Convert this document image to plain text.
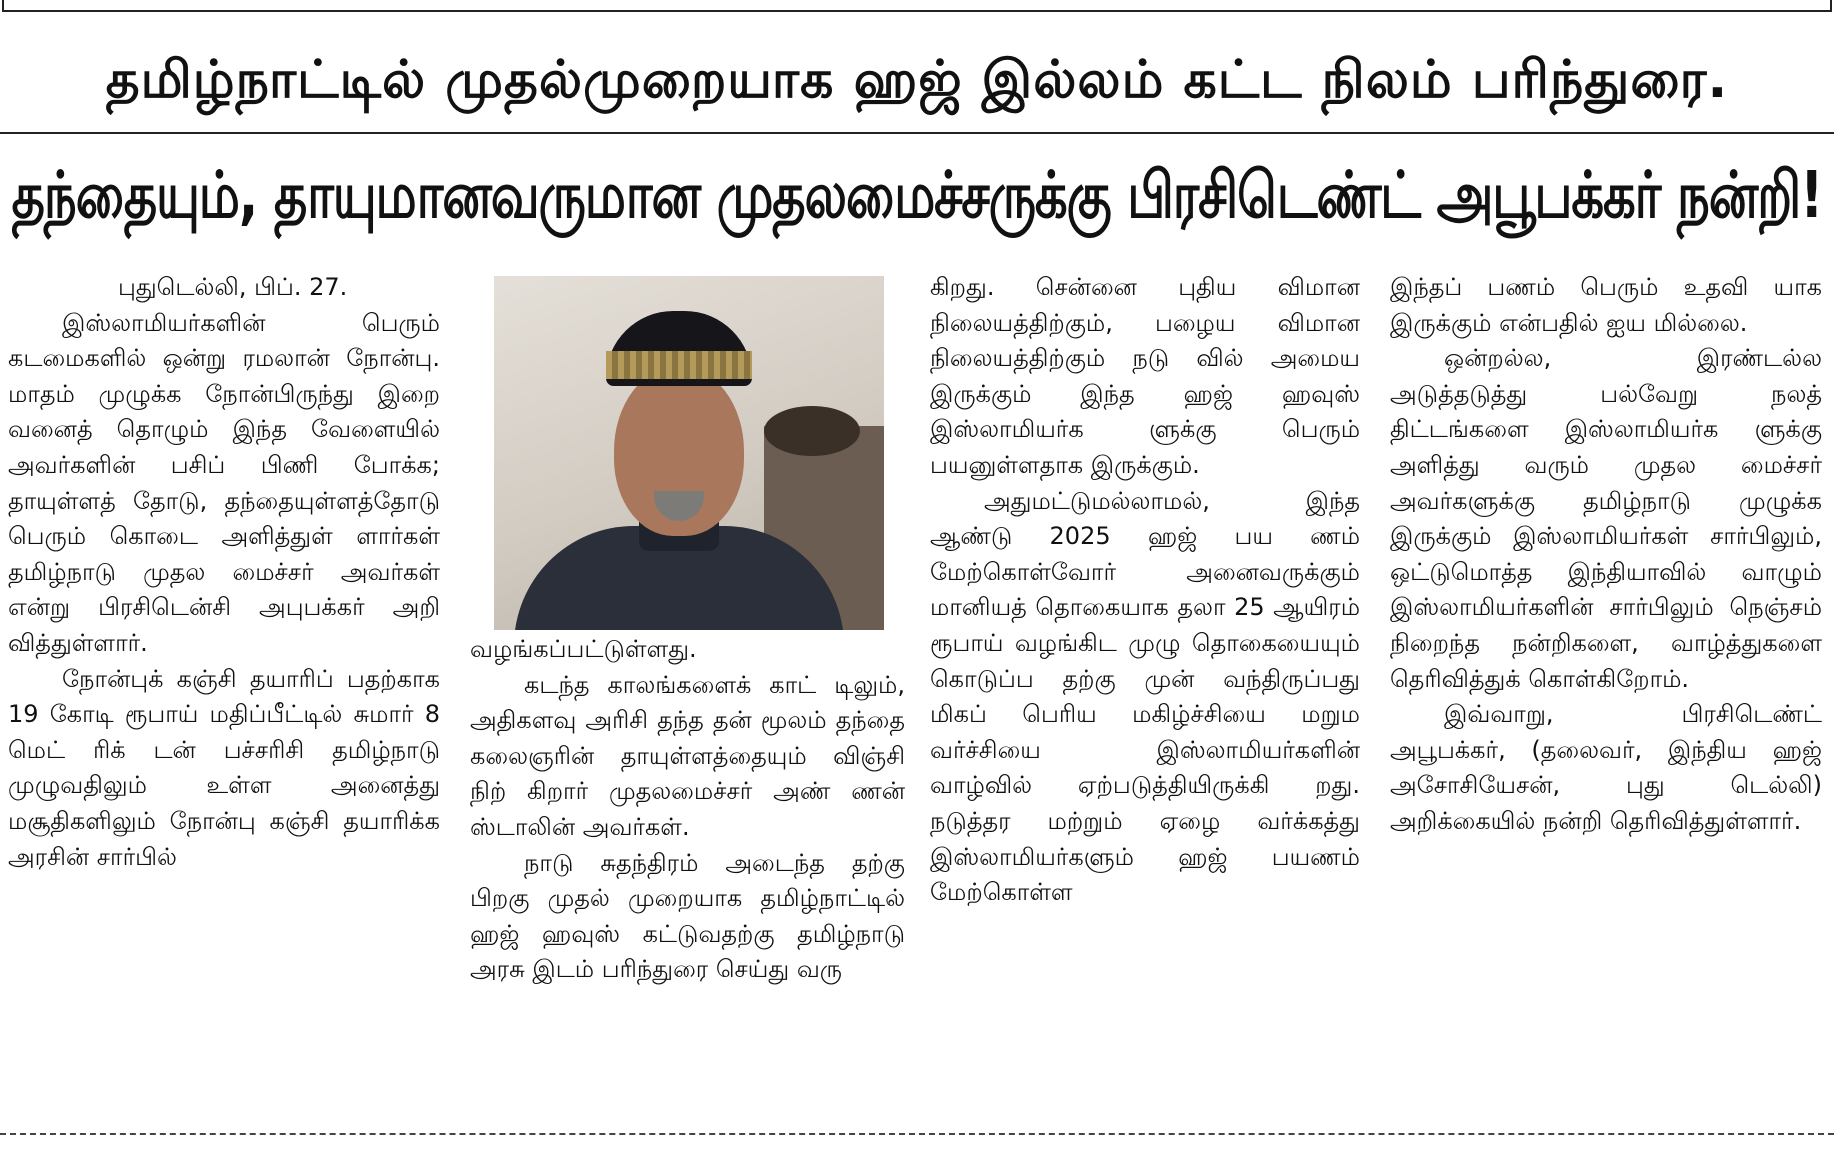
தமிழ்நாட்டில் முதல்முறையாக ஹஜ் இல்லம் கட்ட நிலம் பரிந்துரை.
தந்தையும், தாயுமானவருமான முதலமைச்சருக்கு பிரசிடெண்ட் அபூபக்கர் நன்றி!

புதுடெல்லி, பிப். 27.

இஸ்லாமியர்களின் பெரும் கடமைகளில் ஒன்று ரமலான் நோன்பு. மாதம் முழுக்க நோன்பிருந்து இறை வனைத் தொழும் இந்த வேளையில் அவர்களின் பசிப் பிணி போக்க; தாயுள்ளத் தோடு, தந்தையுள்ளத்தோடு பெரும் கொடை அளித்துள் ளார்கள் தமிழ்நாடு முதல மைச்சர் அவர்கள் என்று பிரசிடென்சி அபுபக்கர் அறி வித்துள்ளார்.

நோன்புக் கஞ்சி தயாரிப் பதற்காக 19 கோடி ரூபாய் மதிப்பீட்டில் சுமார் 8 மெட் ரிக் டன் பச்சரிசி தமிழ்நாடு முழுவதிலும் உள்ள அனைத்து மசூதிகளிலும் நோன்பு கஞ்சி தயாரிக்க அரசின் சார்பில்

வழங்கப்பட்டுள்ளது.

கடந்த காலங்களைக் காட் டிலும், அதிகளவு அரிசி தந்த தன் மூலம் தந்தை கலைஞரின் தாயுள்ளத்தையும் விஞ்சி நிற் கிறார் முதலமைச்சர் அண் ணன் ஸ்டாலின் அவர்கள்.

நாடு சுதந்திரம் அடைந்த தற்கு பிறகு முதல் முறையாக தமிழ்நாட்டில் ஹஜ் ஹவுஸ் கட்டுவதற்கு தமிழ்நாடு அரசு இடம் பரிந்துரை செய்து வரு

கிறது. சென்னை புதிய விமான நிலையத்திற்கும், பழைய விமான நிலையத்திற்கும் நடு வில் அமைய இருக்கும் இந்த ஹஜ் ஹவுஸ் இஸ்லாமியர்க ளுக்கு பெரும் பயனுள்ளதாக இருக்கும்.

அதுமட்டுமல்லாமல், இந்த ஆண்டு 2025 ஹஜ் பய ணம் மேற்கொள்வோர் அனைவருக்கும் மானியத் தொகையாக தலா 25 ஆயிரம் ரூபாய் வழங்கிட முழு தொகையையும் கொடுப்ப தற்கு முன் வந்திருப்பது மிகப் பெரிய மகிழ்ச்சியை மறும வர்ச்சியை இஸ்லாமியர்களின் வாழ்வில் ஏற்படுத்தியிருக்கி றது. நடுத்தர மற்றும் ஏழை வர்க்கத்து இஸ்லாமியர்களும் ஹஜ் பயணம் மேற்கொள்ள

இந்தப் பணம் பெரும் உதவி யாக இருக்கும் என்பதில் ஐய மில்லை.

ஒன்றல்ல, இரண்டல்ல அடுத்தடுத்து பல்வேறு நலத் திட்டங்களை இஸ்லாமியர்க ளுக்கு அளித்து வரும் முதல மைச்சர் அவர்களுக்கு தமிழ்நாடு முழுக்க இருக்கும் இஸ்லாமியர்கள் சார்பிலும், ஒட்டுமொத்த இந்தியாவில் வாழும் இஸ்லாமியர்களின் சார்பிலும் நெஞ்சம் நிறைந்த நன்றிகளை, வாழ்த்துகளை தெரிவித்துக் கொள்கிறோம்.

இவ்வாறு, பிரசிடெண்ட் அபூபக்கர், (தலைவர், இந்திய ஹஜ் அசோசியேசன், புது டெல்லி) அறிக்கையில் நன்றி தெரிவித்துள்ளார்.
